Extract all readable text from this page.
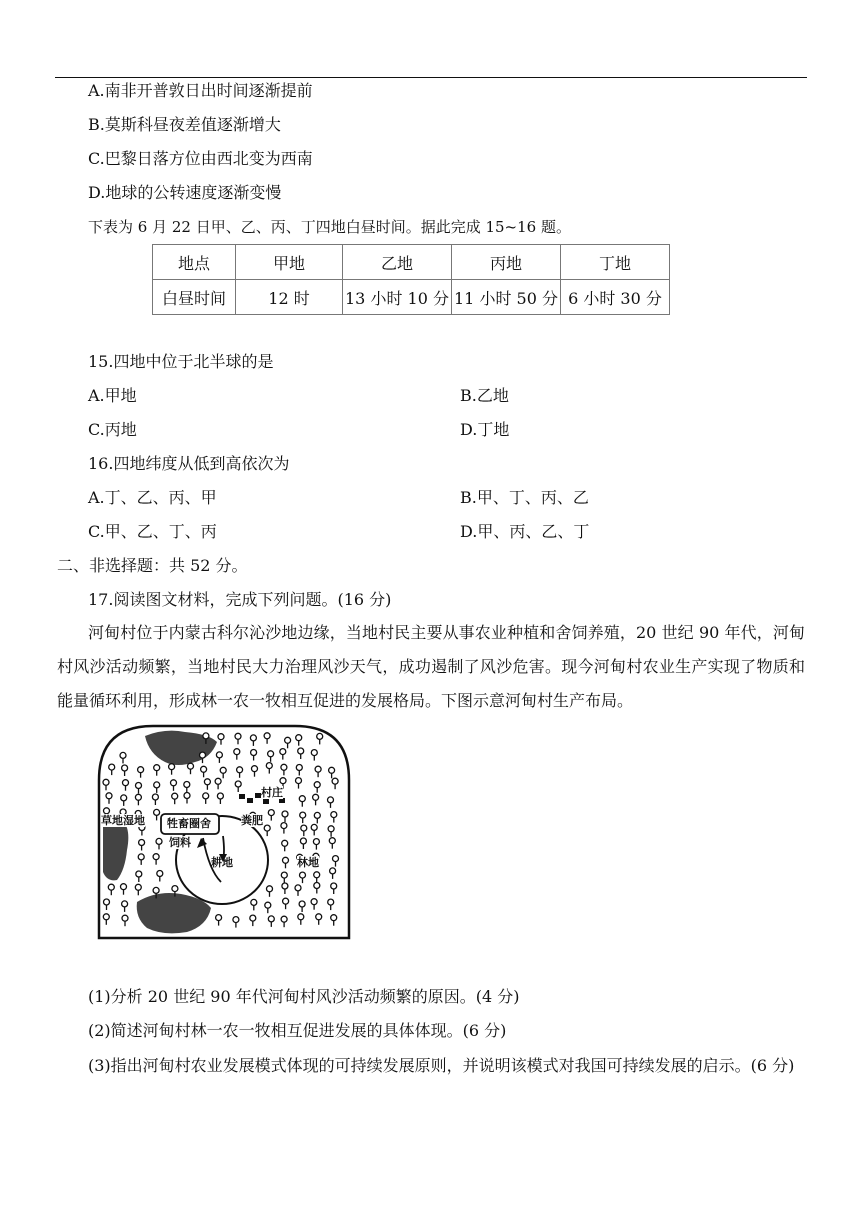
A.南非开普敦日出时间逐渐提前
B.莫斯科昼夜差值逐渐增大
C.巴黎日落方位由西北变为西南
D.地球的公转速度逐渐变慢
下表为 6 月 22 日甲、乙、丙、丁四地白昼时间。据此完成 15~16 题。
地点	甲地	乙地	丙地	丁地
白昼时间	12 时	13 小时 10 分	11 小时 50 分	6 小时 30 分
15.四地中位于北半球的是
A.甲地	B.乙地
C.丙地	D.丁地
16.四地纬度从低到高依次为
A.丁、乙、丙、甲	B.甲、丁、丙、乙
C.甲、乙、丁、丙	D.甲、丙、乙、丁
二、非选择题：共 52 分。
17.阅读图文材料，完成下列问题。(16 分)
河甸村位于内蒙古科尔沁沙地边缘，当地村民主要从事农业种植和舍饲养殖，20 世纪 90 年代，河甸村风沙活动频繁，当地村民大力治理风沙天气，成功遏制了风沙危害。现今河甸村农业生产实现了物质和能量循环利用，形成林一农一牧相互促进的发展格局。下图示意河甸村生产布局。
牲畜圈舍
村庄
粪肥
草地湿地
饲料
耕地	林地
(1)分析 20 世纪 90 年代河甸村风沙活动频繁的原因。(4 分)
(2)简述河甸村林一农一牧相互促进发展的具体体现。(6 分)
(3)指出河甸村农业发展模式体现的可持续发展原则，并说明该模式对我国可持续发展的启示。(6 分)
